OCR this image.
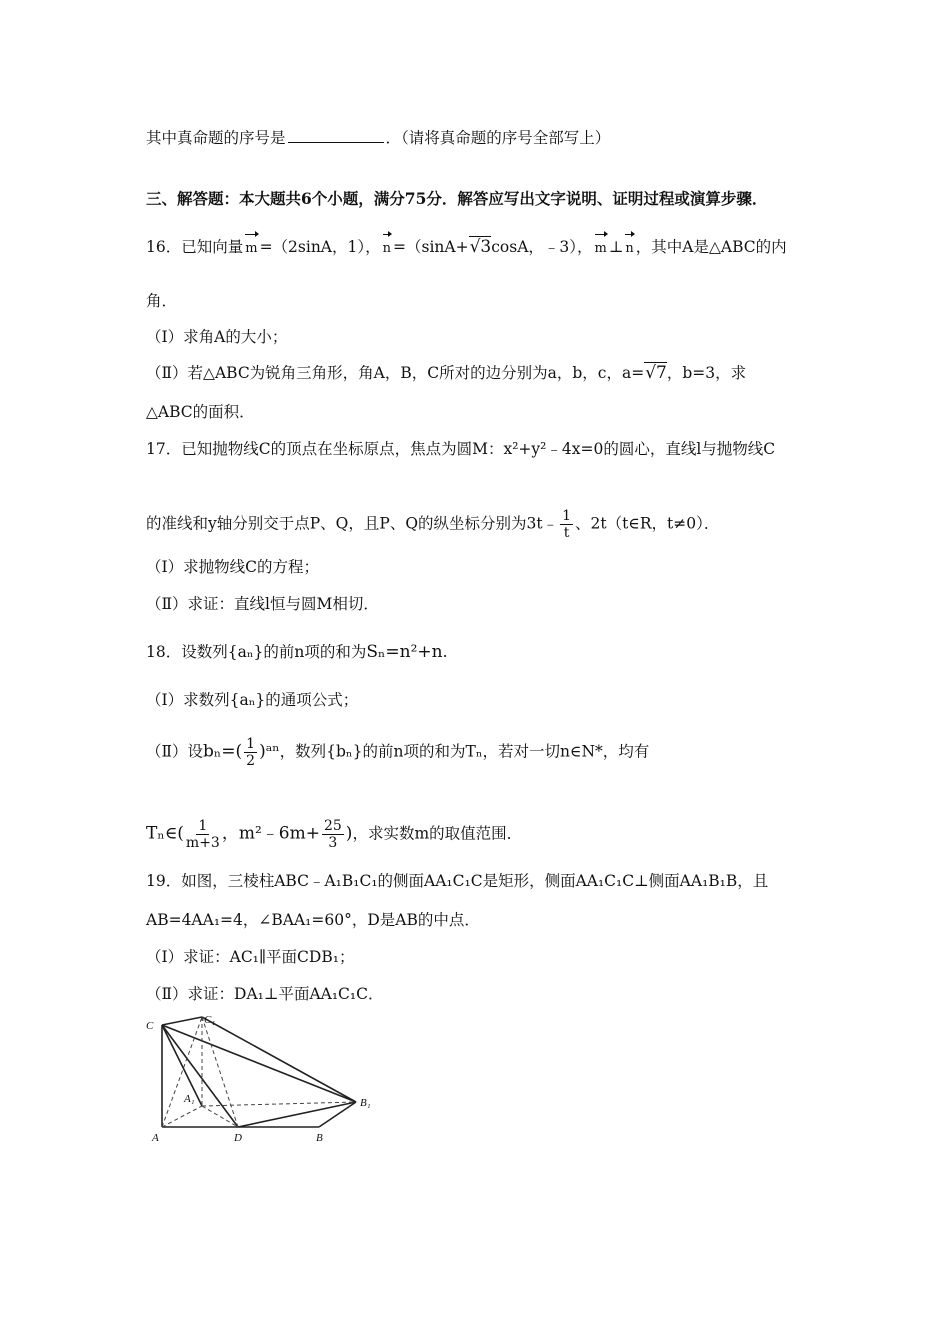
其中真命题的序号是	．（请将真命题的序号全部写上）
三、解答题：本大题共6个小题，满分75分．解答应写出文字说明、证明过程或演算步骤．
16．已知向量 m =（2sinA，1）， n =（sinA+√3cosA，﹣3）， m ⊥ n ，其中A是△ABC的内
角．
（Ⅰ）求角A的大小；
（Ⅱ）若△ABC为锐角三角形，角A，B，C所对的边分别为a，b，c，a=√7，b=3，求
△ABC的面积．
17．已知抛物线C的顶点在坐标原点，焦点为圆M：x²+y²﹣4x=0的圆心，直线l与抛物线C
的准线和y轴分别交于点P、Q，且P、Q的纵坐标分别为3t﹣ $\frac{1}{t}$ 、2t（t∈R，t≠0）．
（Ⅰ）求抛物线C的方程；
（Ⅱ）求证：直线l恒与圆M相切．
18．设数列{aₙ}的前n项的和为Sₙ=n²+n.
（Ⅰ）求数列{aₙ}的通项公式；
（Ⅱ）设$b_n=( \frac{1}{2}$ )ᵃⁿ，数列{bₙ}的前n项的和为Tₙ，若对一切n∈N*，均有
Tₙ∈( $\frac{1}{m+3}$ ，m²﹣6m+ $\frac{25}{3}$ )，求实数m的取值范围．
19．如图，三棱柱ABC﹣A₁B₁C₁的侧面AA₁C₁C是矩形，侧面AA₁C₁C⊥侧面AA₁B₁B，且
AB=4AA₁=4，∠BAA₁=60°，D是AB的中点．
（Ⅰ）求证：AC₁∥平面CDB₁；
（Ⅱ）求证：DA₁⊥平面AA₁C₁C．
C₁
C
A₁	B₁
A	D	B
